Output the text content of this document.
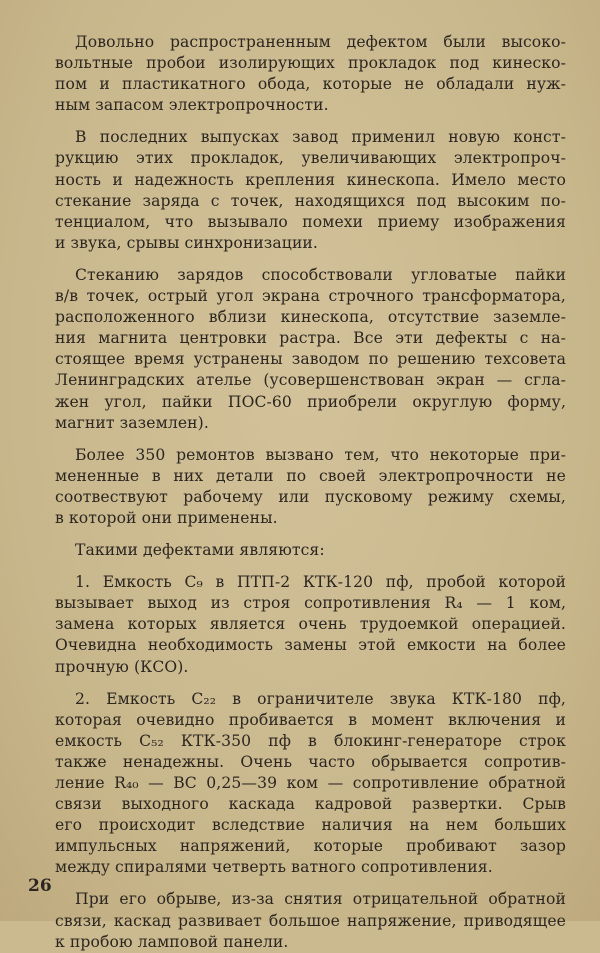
Довольно распространенным дефектом были высоко-
вольтные пробои изолирующих прокладок под кинеско-
пом и пластикатного обода, которые не обладали нуж-
ным запасом электропрочности.
В последних выпусках завод применил новую конст-
рукцию этих прокладок, увеличивающих электропроч-
ность и надежность крепления кинескопа. Имело место
стекание заряда с точек, находящихся под высоким по-
тенциалом, что вызывало помехи приему изображения
и звука, срывы синхронизации.
Стеканию зарядов способствовали угловатые пайки
в/в точек, острый угол экрана строчного трансформатора,
расположенного вблизи кинескопа, отсутствие заземле-
ния магнита центровки растра. Все эти дефекты с на-
стоящее время устранены заводом по решению техсовета
Ленинградских ателье (усовершенствован экран — сгла-
жен угол, пайки ПОС-60 приобрели округлую форму,
магнит заземлен).
Более 350 ремонтов вызвано тем, что некоторые при-
мененные в них детали по своей электропрочности не
соотвествуют рабочему или пусковому режиму схемы,
в которой они применены.
Такими дефектами являются:
1. Емкость C₉ в ПТП-2 КТК-120 пф, пробой которой
вызывает выход из строя сопротивления R₄ — 1 ком,
замена которых является очень трудоемкой операцией.
Очевидна необходимость замены этой емкости на более
прочную (КСО).
2. Емкость C₂₂ в ограничителе звука КТК-180 пф,
которая очевидно пробивается в момент включения и
емкость C₅₂ КТК-350 пф в блокинг-генераторе строк
также ненадежны. Очень часто обрывается сопротив-
ление R₄₀ — ВС 0,25—39 ком — сопротивление обратной
связи выходного каскада кадровой развертки. Срыв
его происходит вследствие наличия на нем больших
импульсных напряжений, которые пробивают зазор
между спиралями четверть ватного сопротивления.
При его обрыве, из-за снятия отрицательной обратной
связи, каскад развивает большое напряжение, приводящее
к пробою ламповой панели.
26
